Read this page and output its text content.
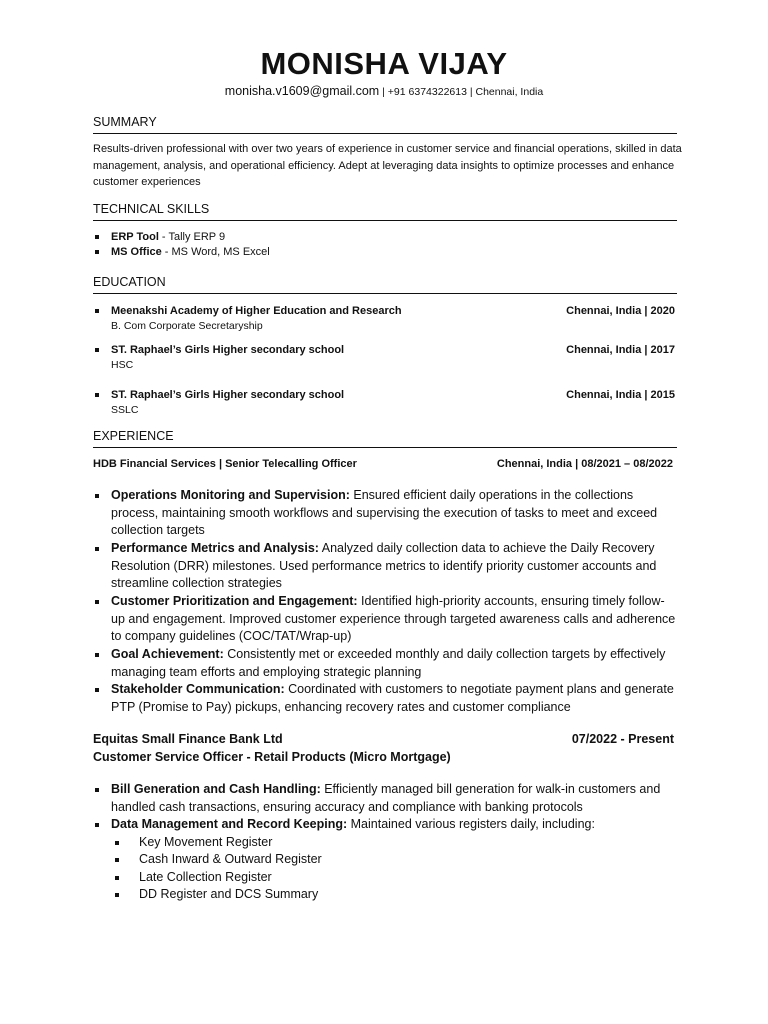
MONISHA VIJAY
monisha.v1609@gmail.com | +91 6374322613 | Chennai, India
SUMMARY
Results-driven professional with over two years of experience in customer service and financial operations, skilled in data management, analysis, and operational efficiency. Adept at leveraging data insights to optimize processes and enhance customer experiences
TECHNICAL SKILLS
ERP Tool - Tally ERP 9
MS Office - MS Word, MS Excel
EDUCATION
Meenakshi Academy of Higher Education and Research	Chennai, India | 2020
B. Com Corporate Secretaryship
ST. Raphael’s Girls Higher secondary school	Chennai, India | 2017
HSC
ST. Raphael’s Girls Higher secondary school	Chennai, India | 2015
SSLC
EXPERIENCE
HDB Financial Services | Senior Telecalling Officer	Chennai, India | 08/2021 – 08/2022
Operations Monitoring and Supervision: Ensured efficient daily operations in the collections process, maintaining smooth workflows and supervising the execution of tasks to meet and exceed collection targets
Performance Metrics and Analysis: Analyzed daily collection data to achieve the Daily Recovery Resolution (DRR) milestones. Used performance metrics to identify priority customer accounts and streamline collection strategies
Customer Prioritization and Engagement: Identified high-priority accounts, ensuring timely follow-up and engagement. Improved customer experience through targeted awareness calls and adherence to company guidelines (COC/TAT/Wrap-up)
Goal Achievement: Consistently met or exceeded monthly and daily collection targets by effectively managing team efforts and employing strategic planning
Stakeholder Communication: Coordinated with customers to negotiate payment plans and generate PTP (Promise to Pay) pickups, enhancing recovery rates and customer compliance
Equitas Small Finance Bank Ltd	07/2022 - Present
Customer Service Officer - Retail Products (Micro Mortgage)
Bill Generation and Cash Handling: Efficiently managed bill generation for walk-in customers and handled cash transactions, ensuring accuracy and compliance with banking protocols
Data Management and Record Keeping: Maintained various registers daily, including:
Key Movement Register
Cash Inward & Outward Register
Late Collection Register
DD Register and DCS Summary
